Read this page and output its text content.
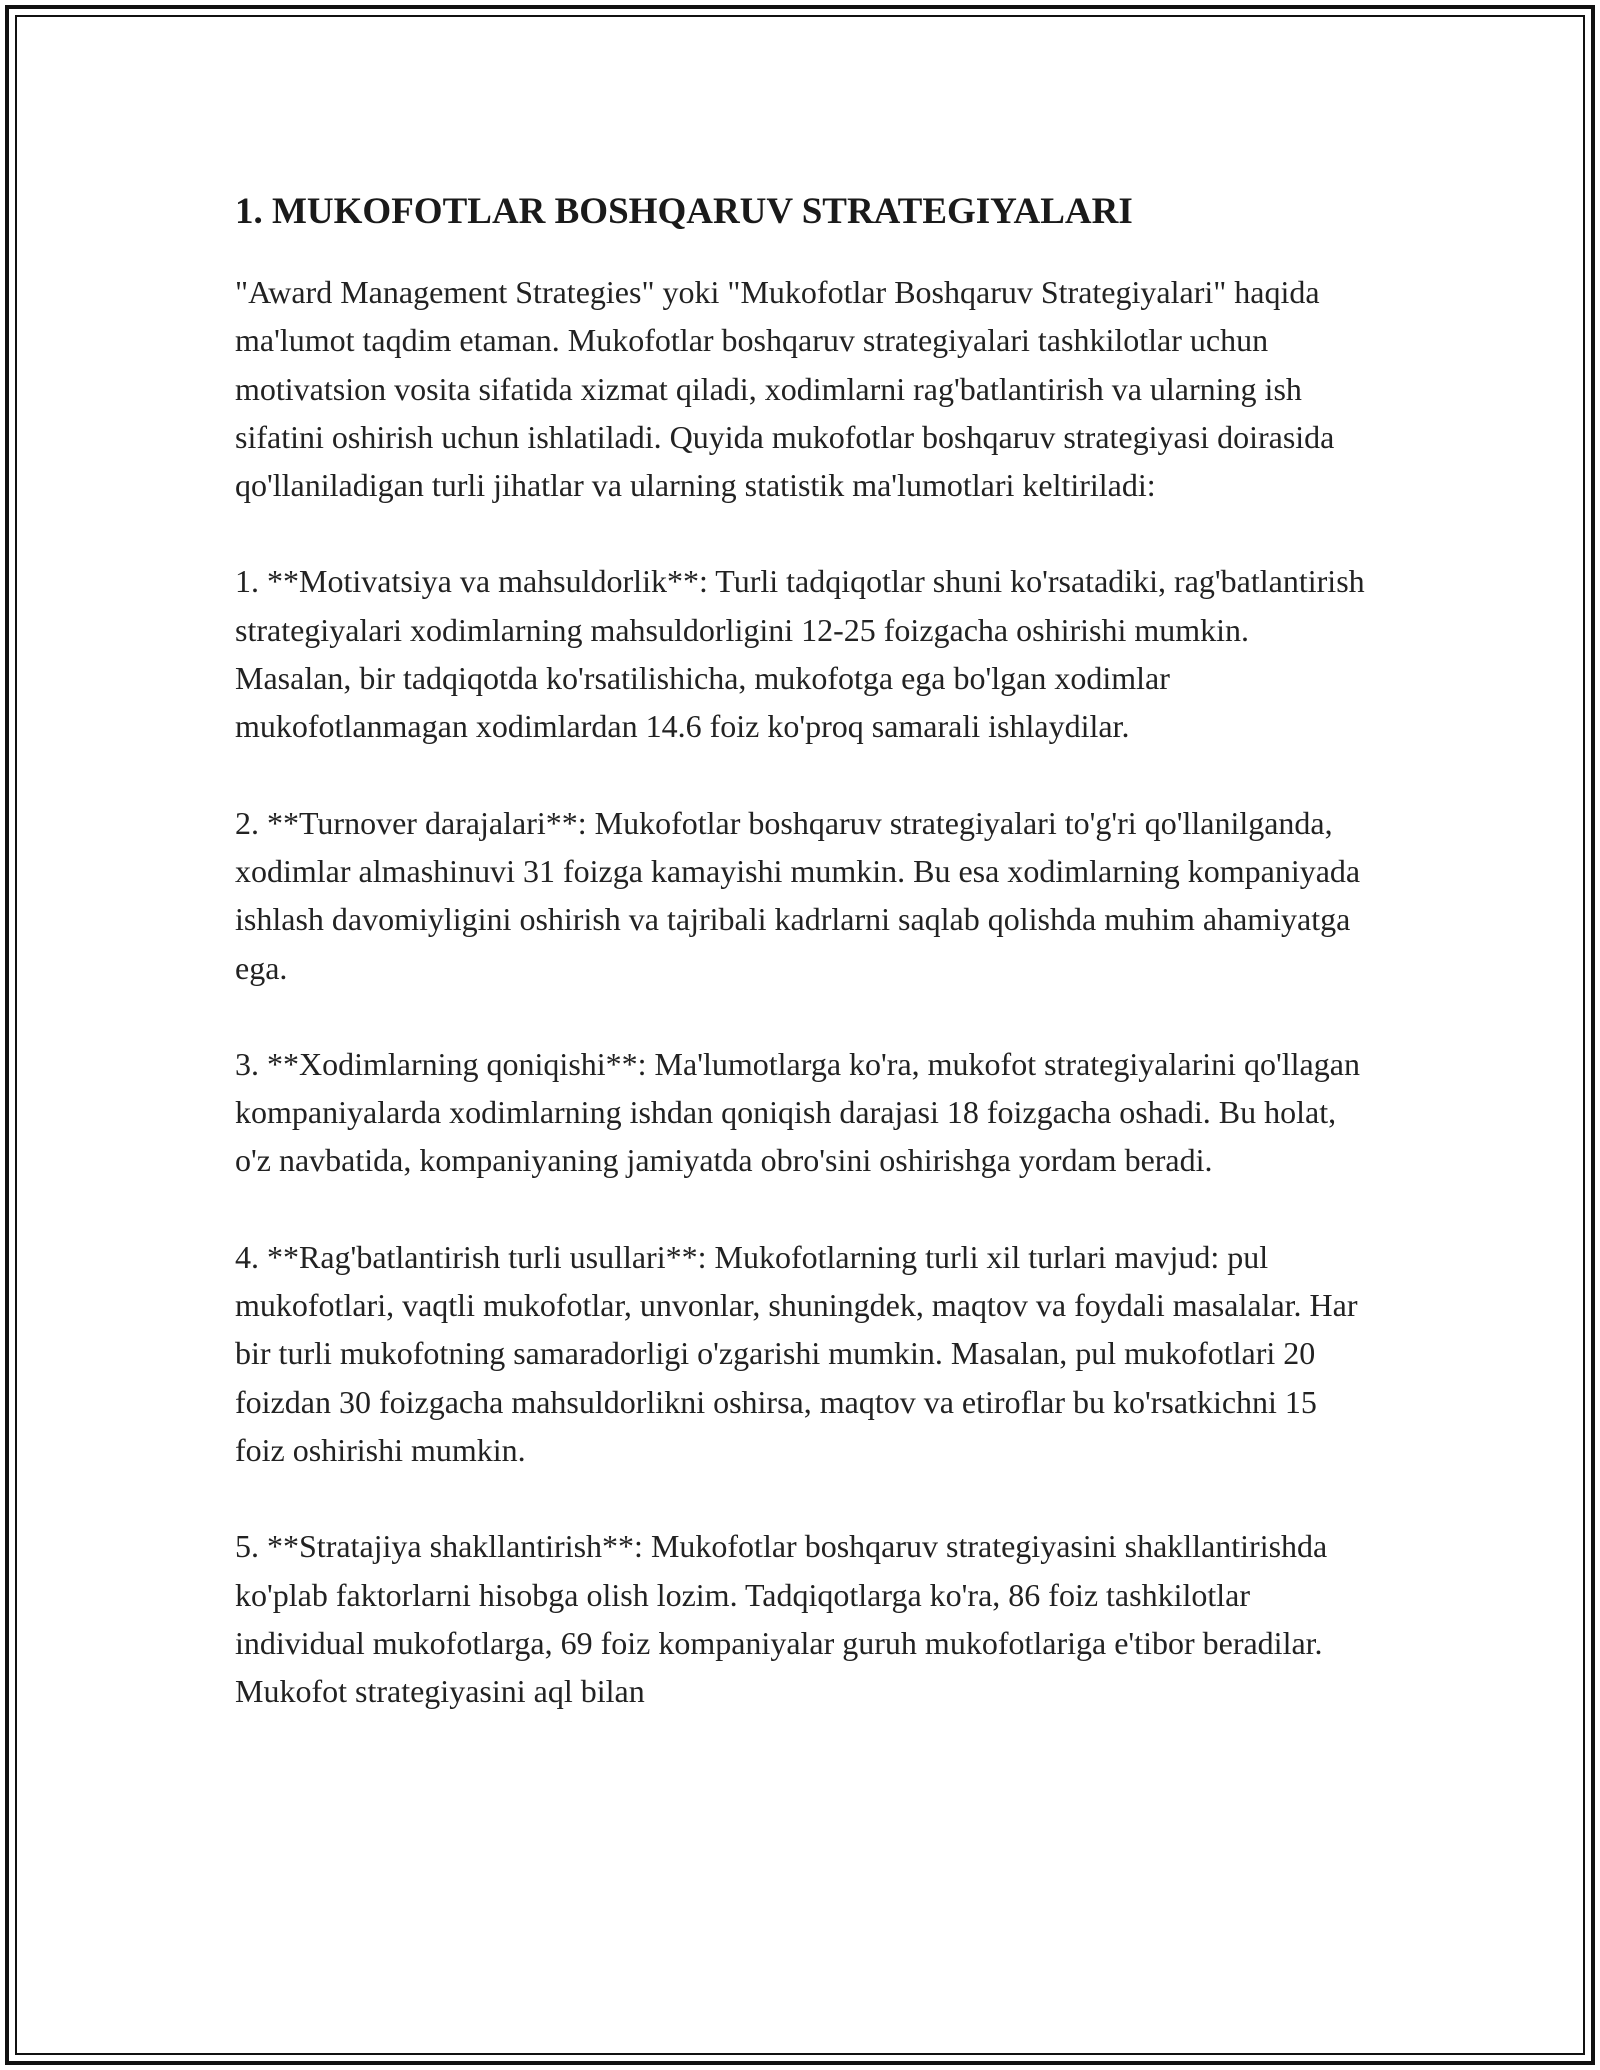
1. MUKOFOTLAR BOSHQARUV STRATEGIYALARI

"Award Management Strategies" yoki "Mukofotlar Boshqaruv Strategiyalari" haqida ma'lumot taqdim etaman. Mukofotlar boshqaruv strategiyalari tashkilotlar uchun motivatsion vosita sifatida xizmat qiladi, xodimlarni rag'batlantirish va ularning ish sifatini oshirish uchun ishlatiladi. Quyida mukofotlar boshqaruv strategiyasi doirasida qo'llaniladigan turli jihatlar va ularning statistik ma'lumotlari keltiriladi:

1. **Motivatsiya va mahsuldorlik**: Turli tadqiqotlar shuni ko'rsatadiki, rag'batlantirish strategiyalari xodimlarning mahsuldorligini 12-25 foizgacha oshirishi mumkin. Masalan, bir tadqiqotda ko'rsatilishicha, mukofotga ega bo'lgan xodimlar mukofotlanmagan xodimlardan 14.6 foiz ko'proq samarali ishlaydilar.

2. **Turnover darajalari**: Mukofotlar boshqaruv strategiyalari to'g'ri qo'llanilganda, xodimlar almashinuvi 31 foizga kamayishi mumkin. Bu esa xodimlarning kompaniyada ishlash davomiyligini oshirish va tajribali kadrlarni saqlab qolishda muhim ahamiyatga ega.

3. **Xodimlarning qoniqishi**: Ma'lumotlarga ko'ra, mukofot strategiyalarini qo'llagan kompaniyalarda xodimlarning ishdan qoniqish darajasi 18 foizgacha oshadi. Bu holat, o'z navbatida, kompaniyaning jamiyatda obro'sini oshirishga yordam beradi.

4. **Rag'batlantirish turli usullari**: Mukofotlarning turli xil turlari mavjud: pul mukofotlari, vaqtli mukofotlar, unvonlar, shuningdek, maqtov va foydali masalalar. Har bir turli mukofotning samaradorligi o'zgarishi mumkin. Masalan, pul mukofotlari 20 foizdan 30 foizgacha mahsuldorlikni oshirsa, maqtov va etiroflar bu ko'rsatkichni 15 foiz oshirishi mumkin.

5. **Stratajiya shakllantirish**: Mukofotlar boshqaruv strategiyasini shakllantirishda ko'plab faktorlarni hisobga olish lozim. Tadqiqotlarga ko'ra, 86 foiz tashkilotlar individual mukofotlarga, 69 foiz kompaniyalar guruh mukofotlariga e'tibor beradilar. Mukofot strategiyasini aql bilan
